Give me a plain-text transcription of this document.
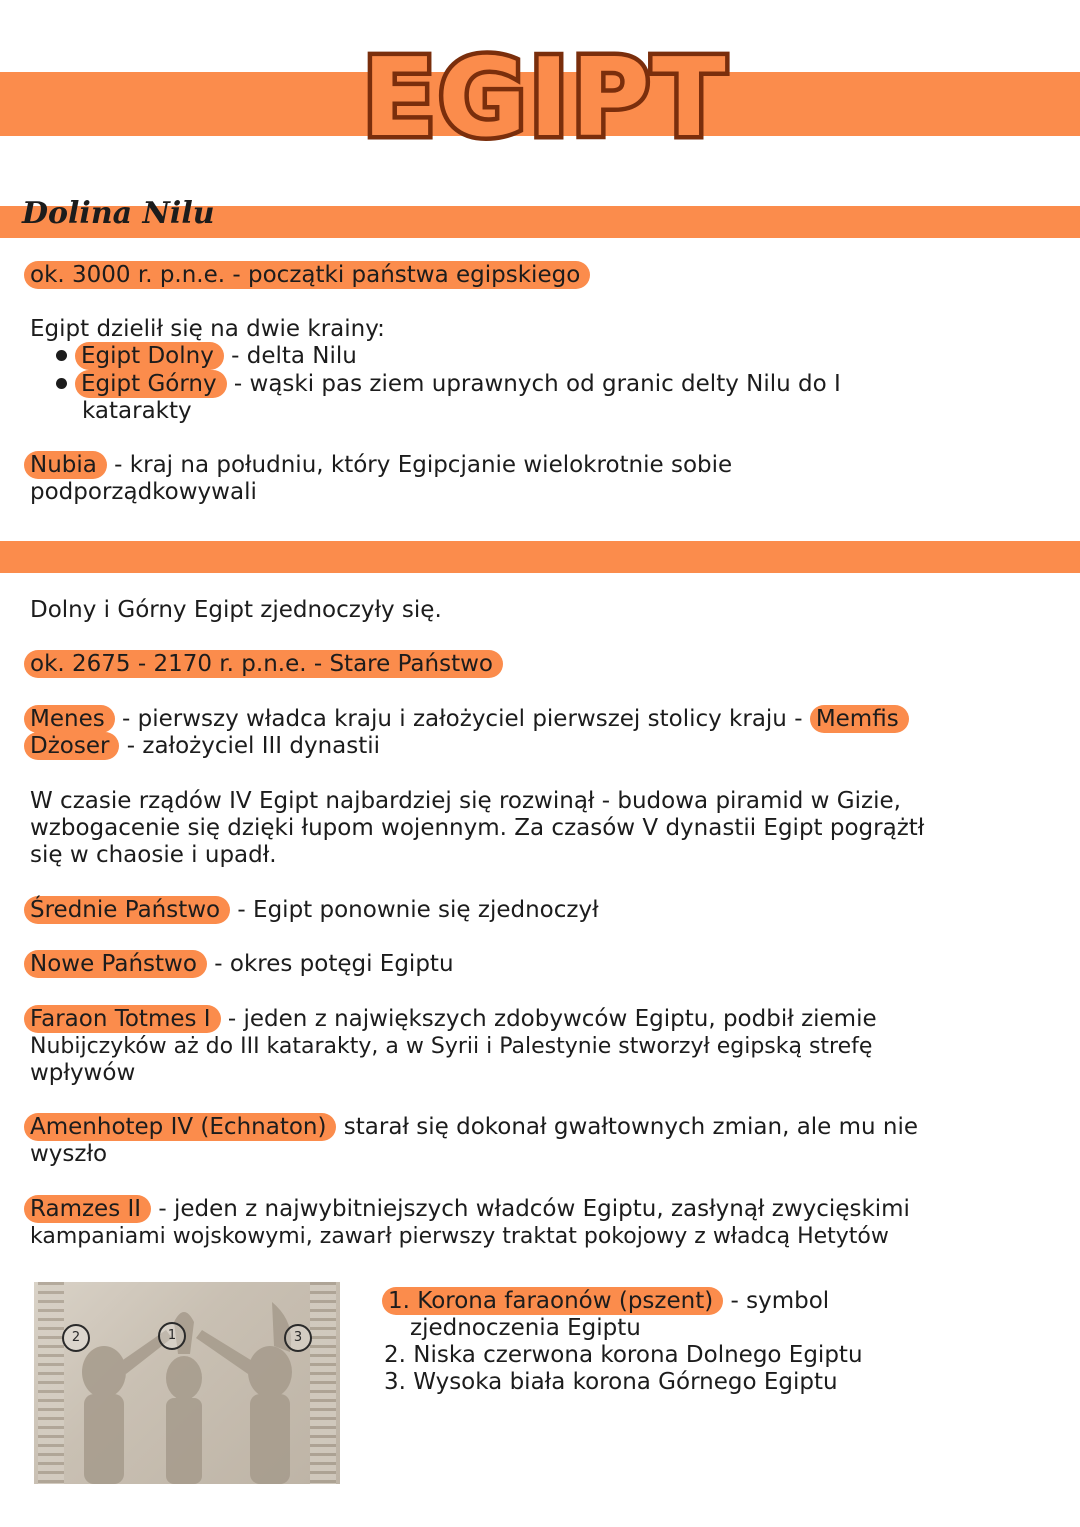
EGIPT
Dolina Nilu
ok. 3000 r. p.n.e. - początki państwa egipskiego
Egipt dzielił się na dwie krainy:
Egipt Dolny - delta Nilu
Egipt Górny - wąski pas ziem uprawnych od granic delty Nilu do I
katarakty
Nubia - kraj na południu, który Egipcjanie wielokrotnie sobie
podporządkowywali
Dolny i Górny Egipt zjednoczyły się.
ok. 2675 - 2170 r. p.n.e. - Stare Państwo
Menes - pierwszy władca kraju i założyciel pierwszej stolicy kraju - Memfis
Dżoser - założyciel III dynastii
W czasie rządów IV Egipt najbardziej się rozwinął - budowa piramid w Gizie,
wzbogacenie się dzięki łupom wojennym. Za czasów V dynastii Egipt pogrążtł
się w chaosie i upadł.
Średnie Państwo - Egipt ponownie się zjednoczył
Nowe Państwo - okres potęgi Egiptu
Faraon Totmes I - jeden z największych zdobywców Egiptu, podbił ziemie
Nubijczyków aż do III katarakty, a w Syrii i Palestynie stworzył egipską strefę
wpływów
Amenhotep IV (Echnaton) starał się dokonał gwałtownych zmian, ale mu nie
wyszło
Ramzes II - jeden z najwybitniejszych władców Egiptu, zasłynął zwycięskimi
kampaniami wojskowymi, zawarł pierwszy traktat pokojowy z władcą Hetytów
2	1	3
1. Korona faraonów (pszent) - symbol
zjednoczenia Egiptu
2. Niska czerwona korona Dolnego Egiptu
3. Wysoka biała korona Górnego Egiptu
